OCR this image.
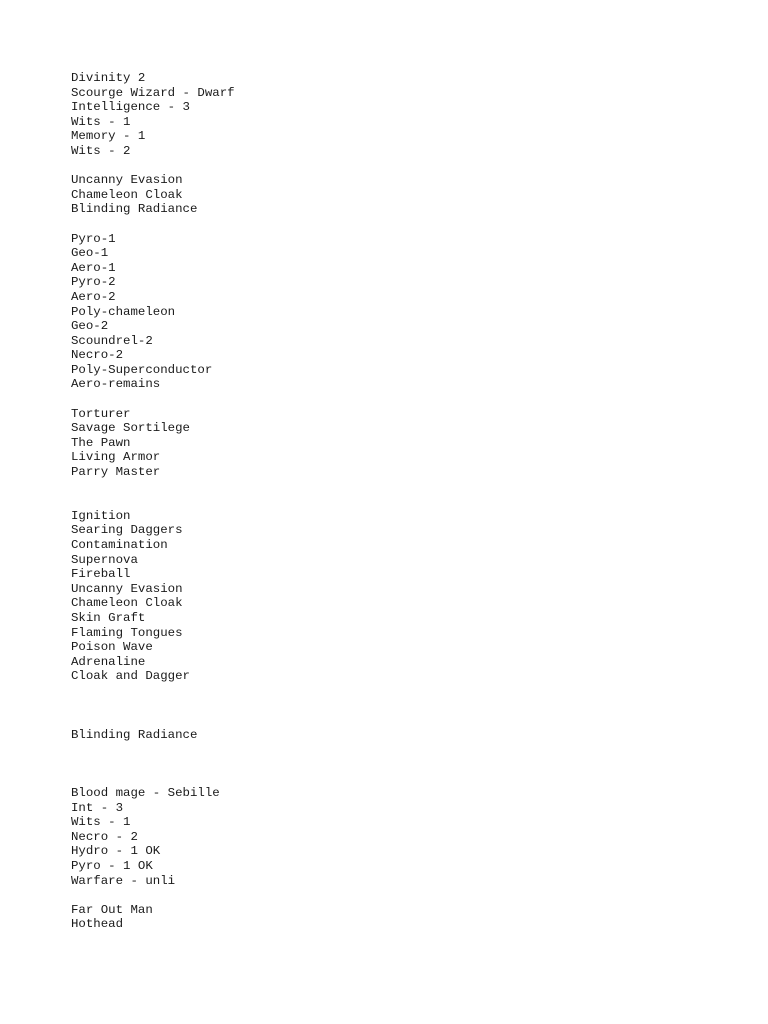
Divinity 2
Scourge Wizard - Dwarf
Intelligence - 3
Wits - 1
Memory - 1
Wits - 2
Uncanny Evasion
Chameleon Cloak
Blinding Radiance
Pyro-1
Geo-1
Aero-1
Pyro-2
Aero-2
Poly-chameleon
Geo-2
Scoundrel-2
Necro-2
Poly-Superconductor
Aero-remains
Torturer
Savage Sortilege
The Pawn
Living Armor
Parry Master
Ignition
Searing Daggers
Contamination
Supernova
Fireball
Uncanny Evasion
Chameleon Cloak
Skin Graft
Flaming Tongues
Poison Wave
Adrenaline
Cloak and Dagger
Blinding Radiance
Blood mage - Sebille
Int - 3
Wits - 1
Necro - 2
Hydro - 1 OK
Pyro - 1 OK
Warfare - unli
Far Out Man
Hothead
